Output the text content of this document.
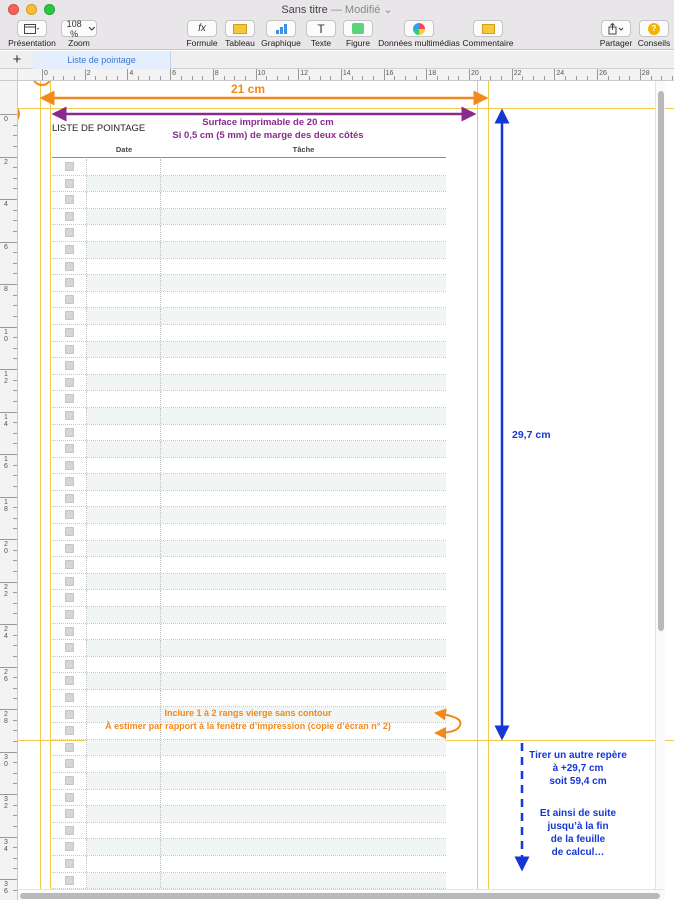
Sans titre — Modifié ⌄
Présentation
108 %
Zoom
fx
Formule Tableau Graphique
T
Texte	Figure Données multimédias Commentaire	Partager
?
Conseils
+	Liste de pointage
0	2	4	6	8	10	12	14	16	18	20	22	24	26	28
0
2
4
6
8
1
0
1
2
1
4
1
6
1
8
2
0
2
2
2
4
2
6
2
8
3
0
3
2
3
4
3
6
LISTE DE POINTAGE
Date	Tâche
21 cm
Surface imprimable de 20 cm
Si 0,5 cm (5 mm) de marge des deux côtés
29,7 cm
Inclure 1 à 2 rangs vierge sans contour
À estimer par rapport à la fenêtre d’impression (copie d’écran n° 2)
Tirer un autre repère
à +29,7 cm
soit 59,4 cm
Et ainsi de suite
jusqu’à la fin
de la feuille
de calcul…
